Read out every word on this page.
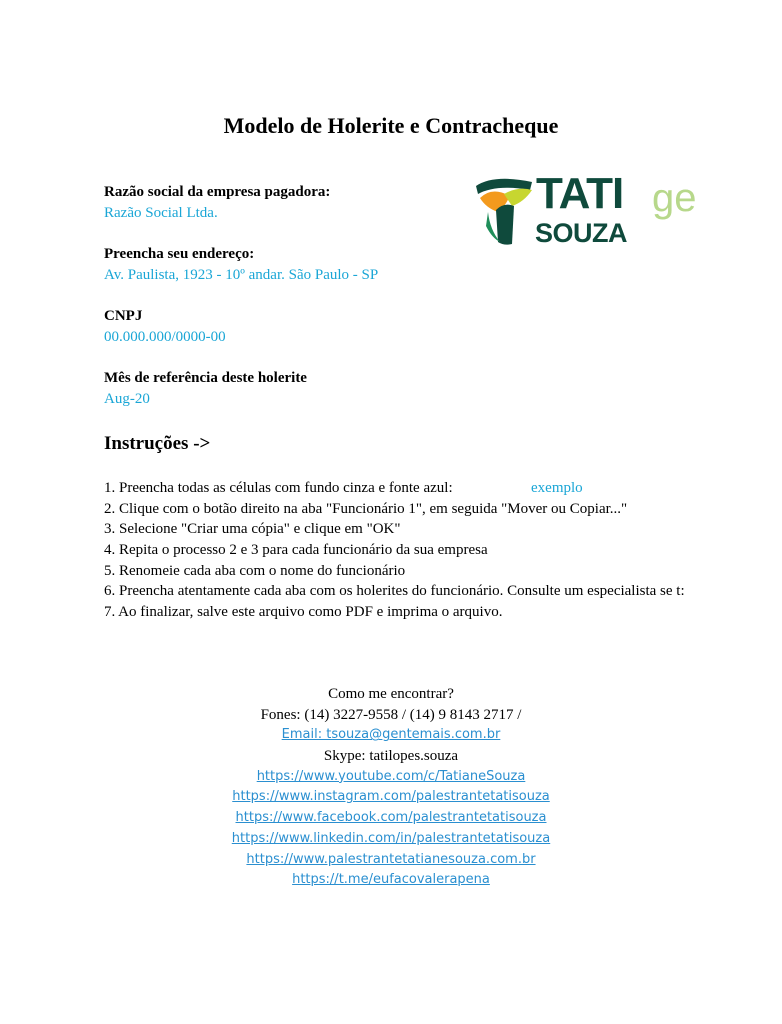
Modelo de Holerite e Contracheque
Razão social da empresa pagadora:
Razão Social Ltda.
Preencha seu endereço:
Av. Paulista, 1923 - 10º andar. São Paulo - SP
CNPJ
00.000.000/0000-00
Mês de referência deste holerite
Aug-20
TATI
SOUZA
ge
Instruções ->
1. Preencha todas as células com fundo cinza e fonte azul:
2. Clique com o botão direito na aba "Funcionário 1", em seguida "Mover ou Copiar..."
3. Selecione "Criar uma cópia" e clique em "OK"
4. Repita o processo 2 e 3 para cada funcionário da sua empresa
5. Renomeie cada aba com o nome do funcionário
6. Preencha atentamente cada aba com os holerites do funcionário. Consulte um especialista se t:
7. Ao finalizar, salve este arquivo como PDF e imprima o arquivo.
exemplo
Como me encontrar?
Fones: (14) 3227-9558 / (14) 9 8143 2717 /
Email: tsouza@gentemais.com.br
Skype: tatilopes.souza
https://www.youtube.com/c/TatianeSouza
https://www.instagram.com/palestrantetatisouza
https://www.facebook.com/palestrantetatisouza
https://www.linkedin.com/in/palestrantetatisouza
https://www.palestrantetatianesouza.com.br
https://t.me/eufacovalerapena
